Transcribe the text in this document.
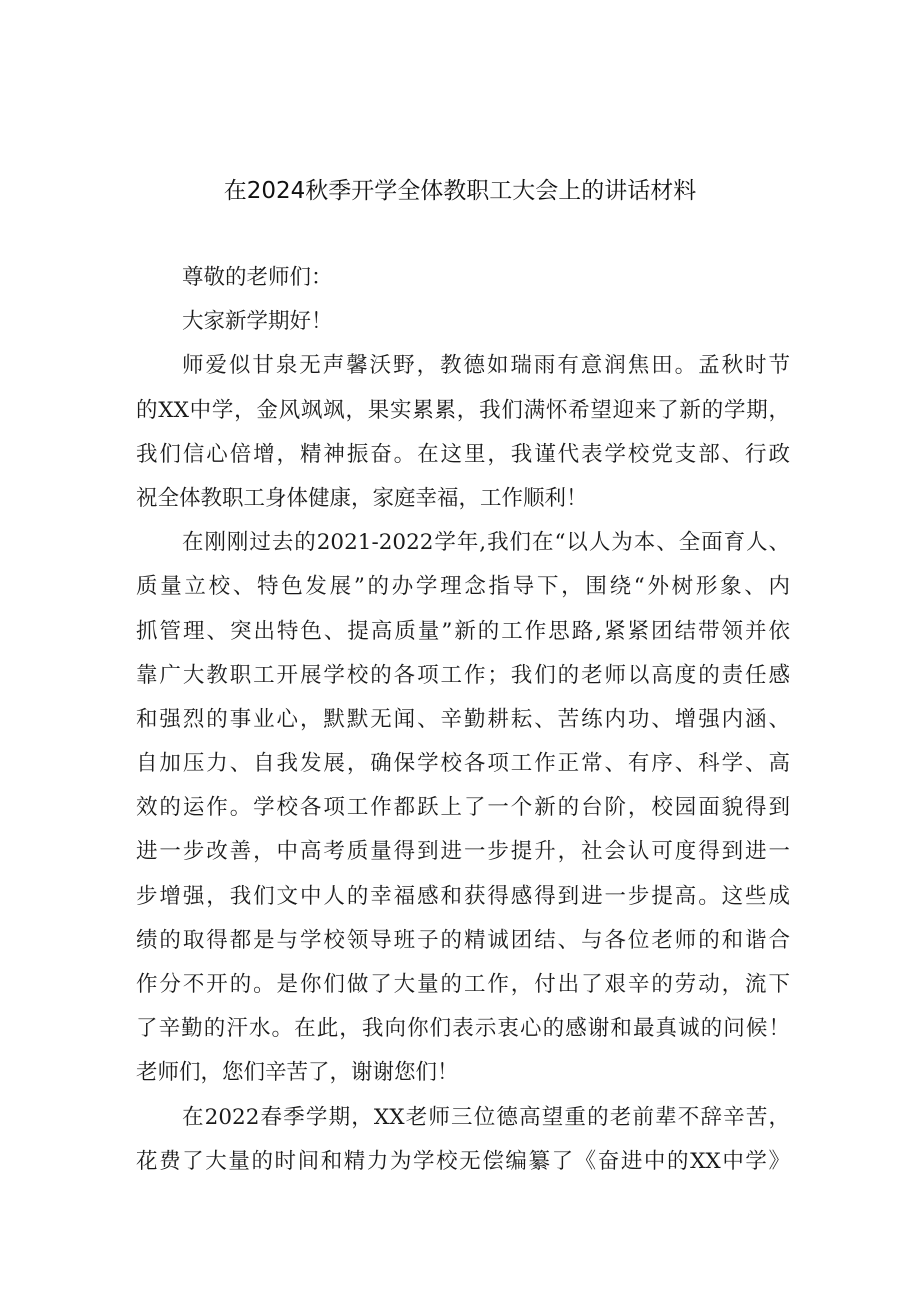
在2024秋季开学全体教职工大会上的讲话材料
尊敬的老师们：
大家新学期好！
师爱似甘泉无声馨沃野，教德如瑞雨有意润焦田。孟秋时节
的XX中学，金风飒飒，果实累累，我们满怀希望迎来了新的学期，
我们信心倍增，精神振奋。在这里，我谨代表学校党支部、行政
祝全体教职工身体健康，家庭幸福，工作顺利！
在刚刚过去的2021-2022学年,我们在“以人为本、全面育人、
质量立校、特色发展”的办学理念指导下，围绕“外树形象、内
抓管理、突出特色、提高质量”新的工作思路,紧紧团结带领并依
靠广大教职工开展学校的各项工作；我们的老师以高度的责任感
和强烈的事业心，默默无闻、辛勤耕耘、苦练内功、增强内涵、
自加压力、自我发展，确保学校各项工作正常、有序、科学、高
效的运作。学校各项工作都跃上了一个新的台阶，校园面貌得到
进一步改善，中高考质量得到进一步提升，社会认可度得到进一
步增强，我们文中人的幸福感和获得感得到进一步提高。这些成
绩的取得都是与学校领导班子的精诚团结、与各位老师的和谐合
作分不开的。是你们做了大量的工作，付出了艰辛的劳动，流下
了辛勤的汗水。在此，我向你们表示衷心的感谢和最真诚的问候！
老师们，您们辛苦了，谢谢您们！
在2022春季学期，XX老师三位德高望重的老前辈不辞辛苦，
花费了大量的时间和精力为学校无偿编纂了《奋进中的XX中学》
